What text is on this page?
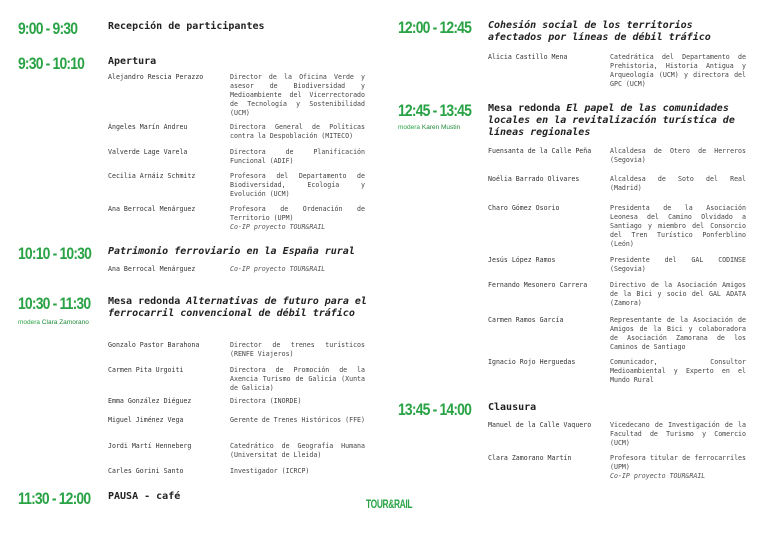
9:00 - 9:30	Recepción de participantes
9:30 - 10:10 Apertura
Alejandro Rescia Perazzo	Director de la Oficina Verde y asesor de Biodiversidad y Medioambiente del Vicerrectorado de Tecnología y Sostenibilidad (UCM)
Ángeles Marín Andreu	Directora General de Políticas contra la Despoblación (MITECO)
Valverde Lage Varela	Directora de Planificación Funcional (ADIF)
Cecilia Arnáiz Schmitz	Profesora del Departamento de Biodiversidad, Ecología y Evolución (UCM)
Ana Berrocal Menárguez	Profesora de Ordenación de Territorio (UPM)
Co-IP proyecto TOUR&RAIL
10:10 - 10:30 Patrimonio ferroviario en la España rural
Ana Berrocal Menárguez	Co-IP proyecto TOUR&RAIL
10:30 - 11:30
modera Clara Zamorano
Mesa redonda Alternativas de futuro para el ferrocarril convencional de débil tráfico
Gonzalo Pastor Barahona	Director de trenes turísticos (RENFE Viajeros)
Carmen Pita Urgoiti	Directora de Promoción de la Axencia Turismo de Galicia (Xunta de Galicia)
Emma González Diéguez	Directora (INORDE)
Miguel Jiménez Vega	Gerente de Trenes Históricos (FFE)
Jordi Martí Henneberg	Catedrático de Geografía Humana (Universitat de Lleida)
Carles Gorini Santo	Investigador (ICRCP)
11:30 - 12:00 PAUSA - café
12:00 - 12:45 Cohesión social de los territorios afectados por líneas de débil tráfico
Alicia Castillo Mena	Catedrática del Departamento de Prehistoria, Historia Antigua y Arqueología (UCM) y directora del GPC (UCM)
12:45 - 13:45
modera Karen Mustin
Mesa redonda El papel de las comunidades locales en la revitalización turística de líneas regionales
Fuensanta de la Calle Peña	Alcaldesa de Otero de Herreros (Segovia)
Noélia Barrado Olivares	Alcaldesa de Soto del Real (Madrid)
Charo Gómez Osorio	Presidenta de la Asociación Leonesa del Camino Olvidado a Santiago y miembro del Consorcio del Tren Turístico Ponferblino (León)
Jesús López Ramos	Presidente del GAL CODINSE (Segovia)
Fernando Mesonero Carrera	Directivo de la Asociación Amigos de la Bici y socio del GAL ADATA (Zamora)
Carmen Ramos García	Representante de la Asociación de Amigos de la Bici y colaboradora de Asociación Zamorana de los Caminos de Santiago
Ignacio Rojo Herguedas	Comunicador, Consultor Medioambiental y Experto en el Mundo Rural
13:45 - 14:00 Clausura
Manuel de la Calle Vaquero	Vicedecano de Investigación de la Facultad de Turismo y Comercio (UCM)
Clara Zamorano Martín	Profesora titular de ferrocarriles (UPM)
Co-IP proyecto TOUR&RAIL
TOUR&RAIL
